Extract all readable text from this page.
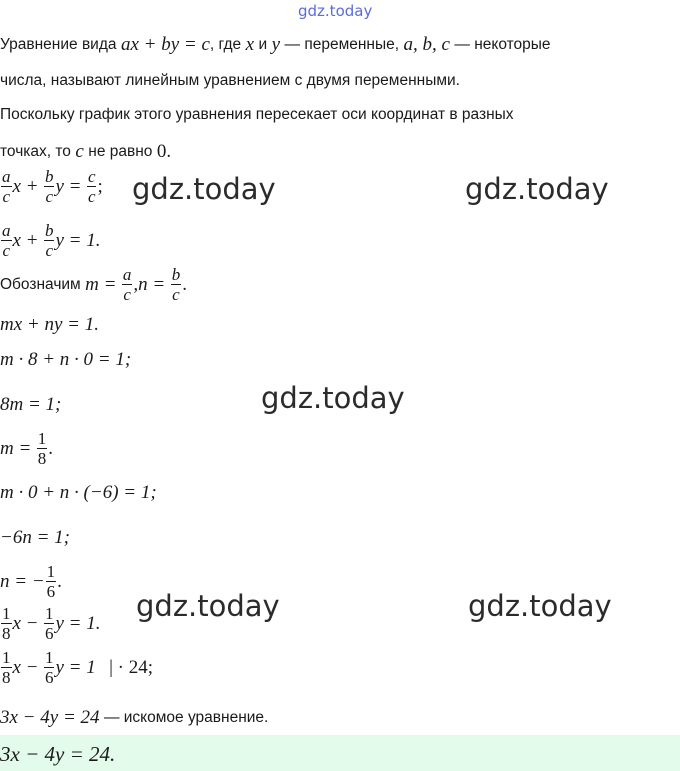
gdz.today
Уравнение вида
ax + by = c , где
x
и
y
— переменные,
a, b, c
— некоторые
числа, называют линейным уравнением с двумя переменными.
Поскольку график этого уравнения пересекает оси координат в разных
точках, то
c
не равно
0.
$\frac{a}{c}$ x +
$\frac{b}{c}$ y =
$\frac{c}{c}$ ;
$\frac{a}{c}$ x +
$\frac{b}{c}$ y = 1.
Обозначим
m =
$\frac{a}{c} ,n$ =
$\frac{b}{c}$ .
mx + ny = 1.
m · 8 + n · 0 = 1;
8m = 1;
m =
$\frac{1}{8}$ .
m · 0 + n · (−6) = 1;
−6n = 1;
n = − $\frac{1}{6}$ .
$\frac{1}{8}$ x −
$\frac{1}{6}$ y = 1.
$\frac{1}{8}$ x −
$\frac{1}{6}$ y = 1
| · 24;
3x − 4y = 24
— искомое уравнение.
3x − 4y = 24.
gdz.today	gdz.today
gdz.today
gdz.today	gdz.today
